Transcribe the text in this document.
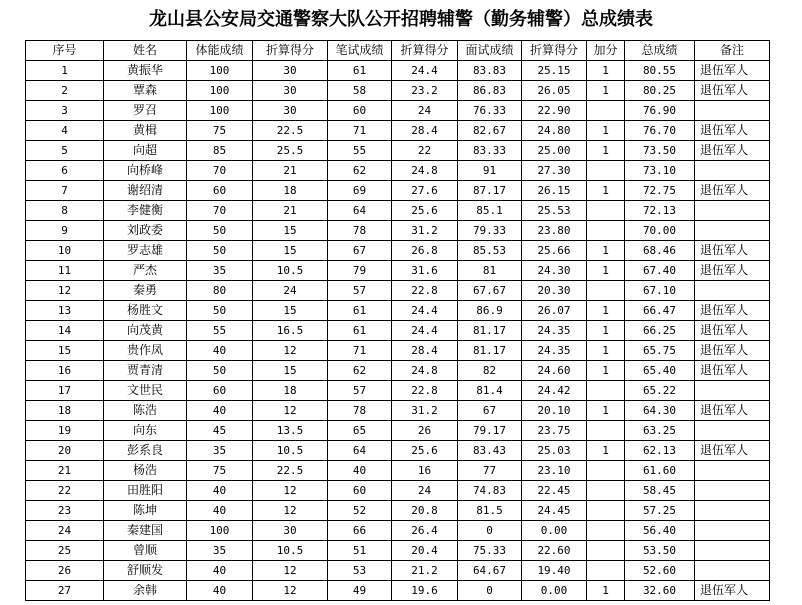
龙山县公安局交通警察大队公开招聘辅警（勤务辅警）总成绩表
序号	姓名	体能成绩	折算得分	笔试成绩	折算得分	面试成绩	折算得分	加分	总成绩	备注
1	黄振华	100	30	61	24.4	83.83	25.15	1	80.55	退伍军人
2	覃森	100	30	58	23.2	86.83	26.05	1	80.25	退伍军人
3	罗召	100	30	60	24	76.33	22.90		76.90	
4	黄楫	75	22.5	71	28.4	82.67	24.80	1	76.70	退伍军人
5	向超	85	25.5	55	22	83.33	25.00	1	73.50	退伍军人
6	向桥峰	70	21	62	24.8	91	27.30		73.10	
7	谢绍清	60	18	69	27.6	87.17	26.15	1	72.75	退伍军人
8	李健衡	70	21	64	25.6	85.1	25.53		72.13	
9	刘政委	50	15	78	31.2	79.33	23.80		70.00	
10	罗志雄	50	15	67	26.8	85.53	25.66	1	68.46	退伍军人
11	严杰	35	10.5	79	31.6	81	24.30	1	67.40	退伍军人
12	秦勇	80	24	57	22.8	67.67	20.30		67.10	
13	杨胜文	50	15	61	24.4	86.9	26.07	1	66.47	退伍军人
14	向茂黄	55	16.5	61	24.4	81.17	24.35	1	66.25	退伍军人
15	贵作凤	40	12	71	28.4	81.17	24.35	1	65.75	退伍军人
16	贾青清	50	15	62	24.8	82	24.60	1	65.40	退伍军人
17	文世民	60	18	57	22.8	81.4	24.42		65.22	
18	陈浩	40	12	78	31.2	67	20.10	1	64.30	退伍军人
19	向东	45	13.5	65	26	79.17	23.75		63.25	
20	彭系良	35	10.5	64	25.6	83.43	25.03	1	62.13	退伍军人
21	杨浩	75	22.5	40	16	77	23.10		61.60	
22	田胜阳	40	12	60	24	74.83	22.45		58.45	
23	陈坤	40	12	52	20.8	81.5	24.45		57.25	
24	秦建国	100	30	66	26.4	0	0.00		56.40	
25	曾顺	35	10.5	51	20.4	75.33	22.60		53.50	
26	舒顺发	40	12	53	21.2	64.67	19.40		52.60	
27	余韩	40	12	49	19.6	0	0.00	1	32.60	退伍军人
